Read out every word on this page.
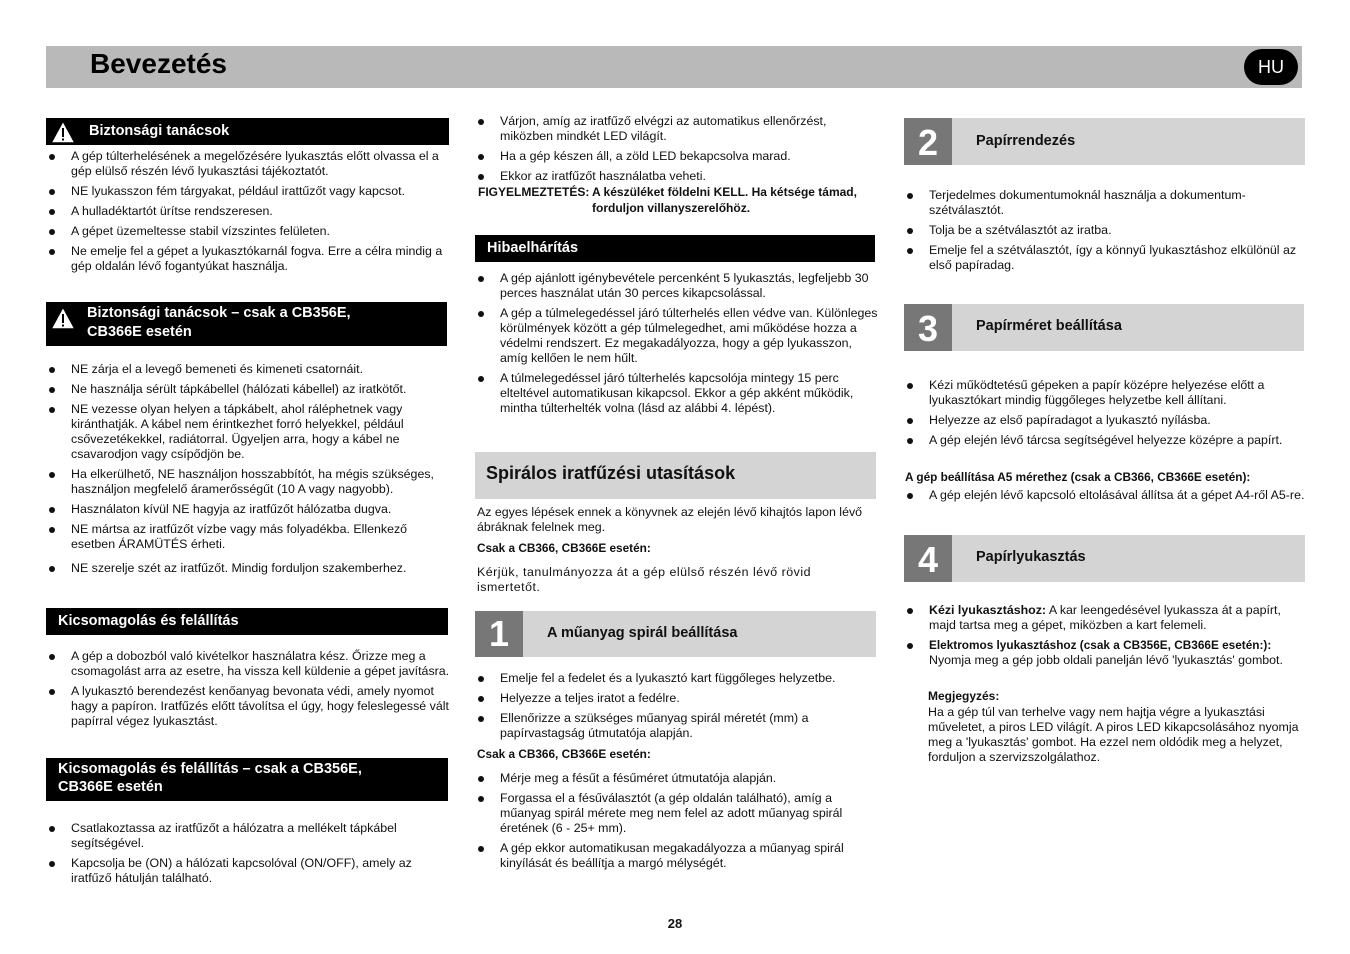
Bevezetés	HU
Biztonsági tanácsok
A gép túlterhelésének a megelőzésére lyukasztás előtt olvassa el a gép elülső részén lévő lyukasztási tájékoztatót.
NE lyukasszon fém tárgyakat, például irattűzőt vagy kapcsot.
A hulladéktartót ürítse rendszeresen.
A gépet üzemeltesse stabil vízszintes felületen.
Ne emelje fel a gépet a lyukasztókarnál fogva. Erre a célra mindig a gép oldalán lévő fogantyúkat használja.
Biztonsági tanácsok – csak a CB356E,
CB366E esetén
NE zárja el a levegő bemeneti és kimeneti csatornáit.
Ne használja sérült tápkábellel (hálózati kábellel) az iratkötőt.
NE vezesse olyan helyen a tápkábelt, ahol ráléphetnek vagy kiránthatják. A kábel nem érintkezhet forró helyekkel, például csővezetékekkel, radiátorral. Ügyeljen arra, hogy a kábel ne csavarodjon vagy csípődjön be.
Ha elkerülhető, NE használjon hosszabbítót, ha mégis szükséges, használjon megfelelő áramerősségűt (10 A vagy nagyobb).
Használaton kívül NE hagyja az iratfűzőt hálózatba dugva.
NE mártsa az iratfűzőt vízbe vagy más folyadékba. Ellenkező esetben ÁRAMÜTÉS érheti.
NE szerelje szét az iratfűzőt. Mindig forduljon szakemberhez.
Kicsomagolás és felállítás
A gép a dobozból való kivételkor használatra kész. Őrizze meg a csomagolást arra az esetre, ha vissza kell küldenie a gépet javításra.
A lyukasztó berendezést kenőanyag bevonata védi, amely nyomot hagy a papíron. Iratfűzés előtt távolítsa el úgy, hogy feleslegessé vált papírral végez lyukasztást.
Kicsomagolás és felállítás – csak a CB356E,
CB366E esetén
Csatlakoztassa az iratfűzőt a hálózatra a mellékelt tápkábel segítségével.
Kapcsolja be (ON) a hálózati kapcsolóval (ON/OFF), amely az iratfűző hátulján található.
Várjon, amíg az iratfűző elvégzi az automatikus ellenőrzést, miközben mindkét LED világít.
Ha a gép készen áll, a zöld LED bekapcsolva marad.
Ekkor az iratfűzőt használatba veheti.
FIGYELMEZTETÉS: A készüléket földelni KELL. Ha kétsége támad,
forduljon villanyszerelőhöz.
Hibaelhárítás
A gép ajánlott igénybevétele percenként 5 lyukasztás, legfeljebb 30 perces használat után 30 perces kikapcsolással.
A gép a túlmelegedéssel járó túlterhelés ellen védve van. Különleges körülmények között a gép túlmelegedhet, ami működése hozza a védelmi rendszert. Ez megakadályozza, hogy a gép lyukasszon, amíg kellően le nem hűlt.
A túlmelegedéssel járó túlterhelés kapcsolója mintegy 15 perc elteltével automatikusan kikapcsol. Ekkor a gép akként működik, mintha túlterhelték volna (lásd az alábbi 4. lépést).
Spirálos iratfűzési utasítások
Az egyes lépések ennek a könyvnek az elején lévő kihajtós lapon lévő ábráknak felelnek meg.
Csak a CB366, CB366E esetén:
Kérjük, tanulmányozza át a gép elülső részén lévő rövid ismertetőt.
1	A műanyag spirál beállítása
Emelje fel a fedelet és a lyukasztó kart függőleges helyzetbe.
Helyezze a teljes iratot a fedélre.
Ellenőrizze a szükséges műanyag spirál méretét (mm) a papírvastagság útmutatója alapján.
Csak a CB366, CB366E esetén:
Mérje meg a fésűt a fésűméret útmutatója alapján.
Forgassa el a fésűválasztót (a gép oldalán található), amíg a műanyag spirál mérete meg nem felel az adott műanyag spirál éretének (6 - 25+ mm).
A gép ekkor automatikusan megakadályozza a műanyag spirál kinyílását és beállítja a margó mélységét.
2	Papírrendezés
Terjedelmes dokumentumoknál használja a dokumentum-szétválasztót.
Tolja be a szétválasztót az iratba.
Emelje fel a szétválasztót, így a könnyű lyukasztáshoz elkülönül az első papíradag.
3	Papírméret beállítása
Kézi működtetésű gépeken a papír középre helyezése előtt a lyukasztókart mindig függőleges helyzetbe kell állítani.
Helyezze az első papíradagot a lyukasztó nyílásba.
A gép elején lévő tárcsa segítségével helyezze középre a papírt.
A gép beállítása A5 mérethez (csak a CB366, CB366E esetén):
A gép elején lévő kapcsoló eltolásával állítsa át a gépet A4-ről A5-re.
4	Papírlyukasztás
Kézi lyukasztáshoz: A kar leengedésével lyukassza át a papírt, majd tartsa meg a gépet, miközben a kart felemeli.
Elektromos lyukasztáshoz (csak a CB356E, CB366E esetén:):
Nyomja meg a gép jobb oldali panelján lévő 'lyukasztás' gombot.
Megjegyzés:
Ha a gép túl van terhelve vagy nem hajtja végre a lyukasztási műveletet, a piros LED világít. A piros LED kikapcsolásához nyomja meg a 'lyukasztás' gombot. Ha ezzel nem oldódik meg a helyzet, forduljon a szervizszolgálathoz.
28
